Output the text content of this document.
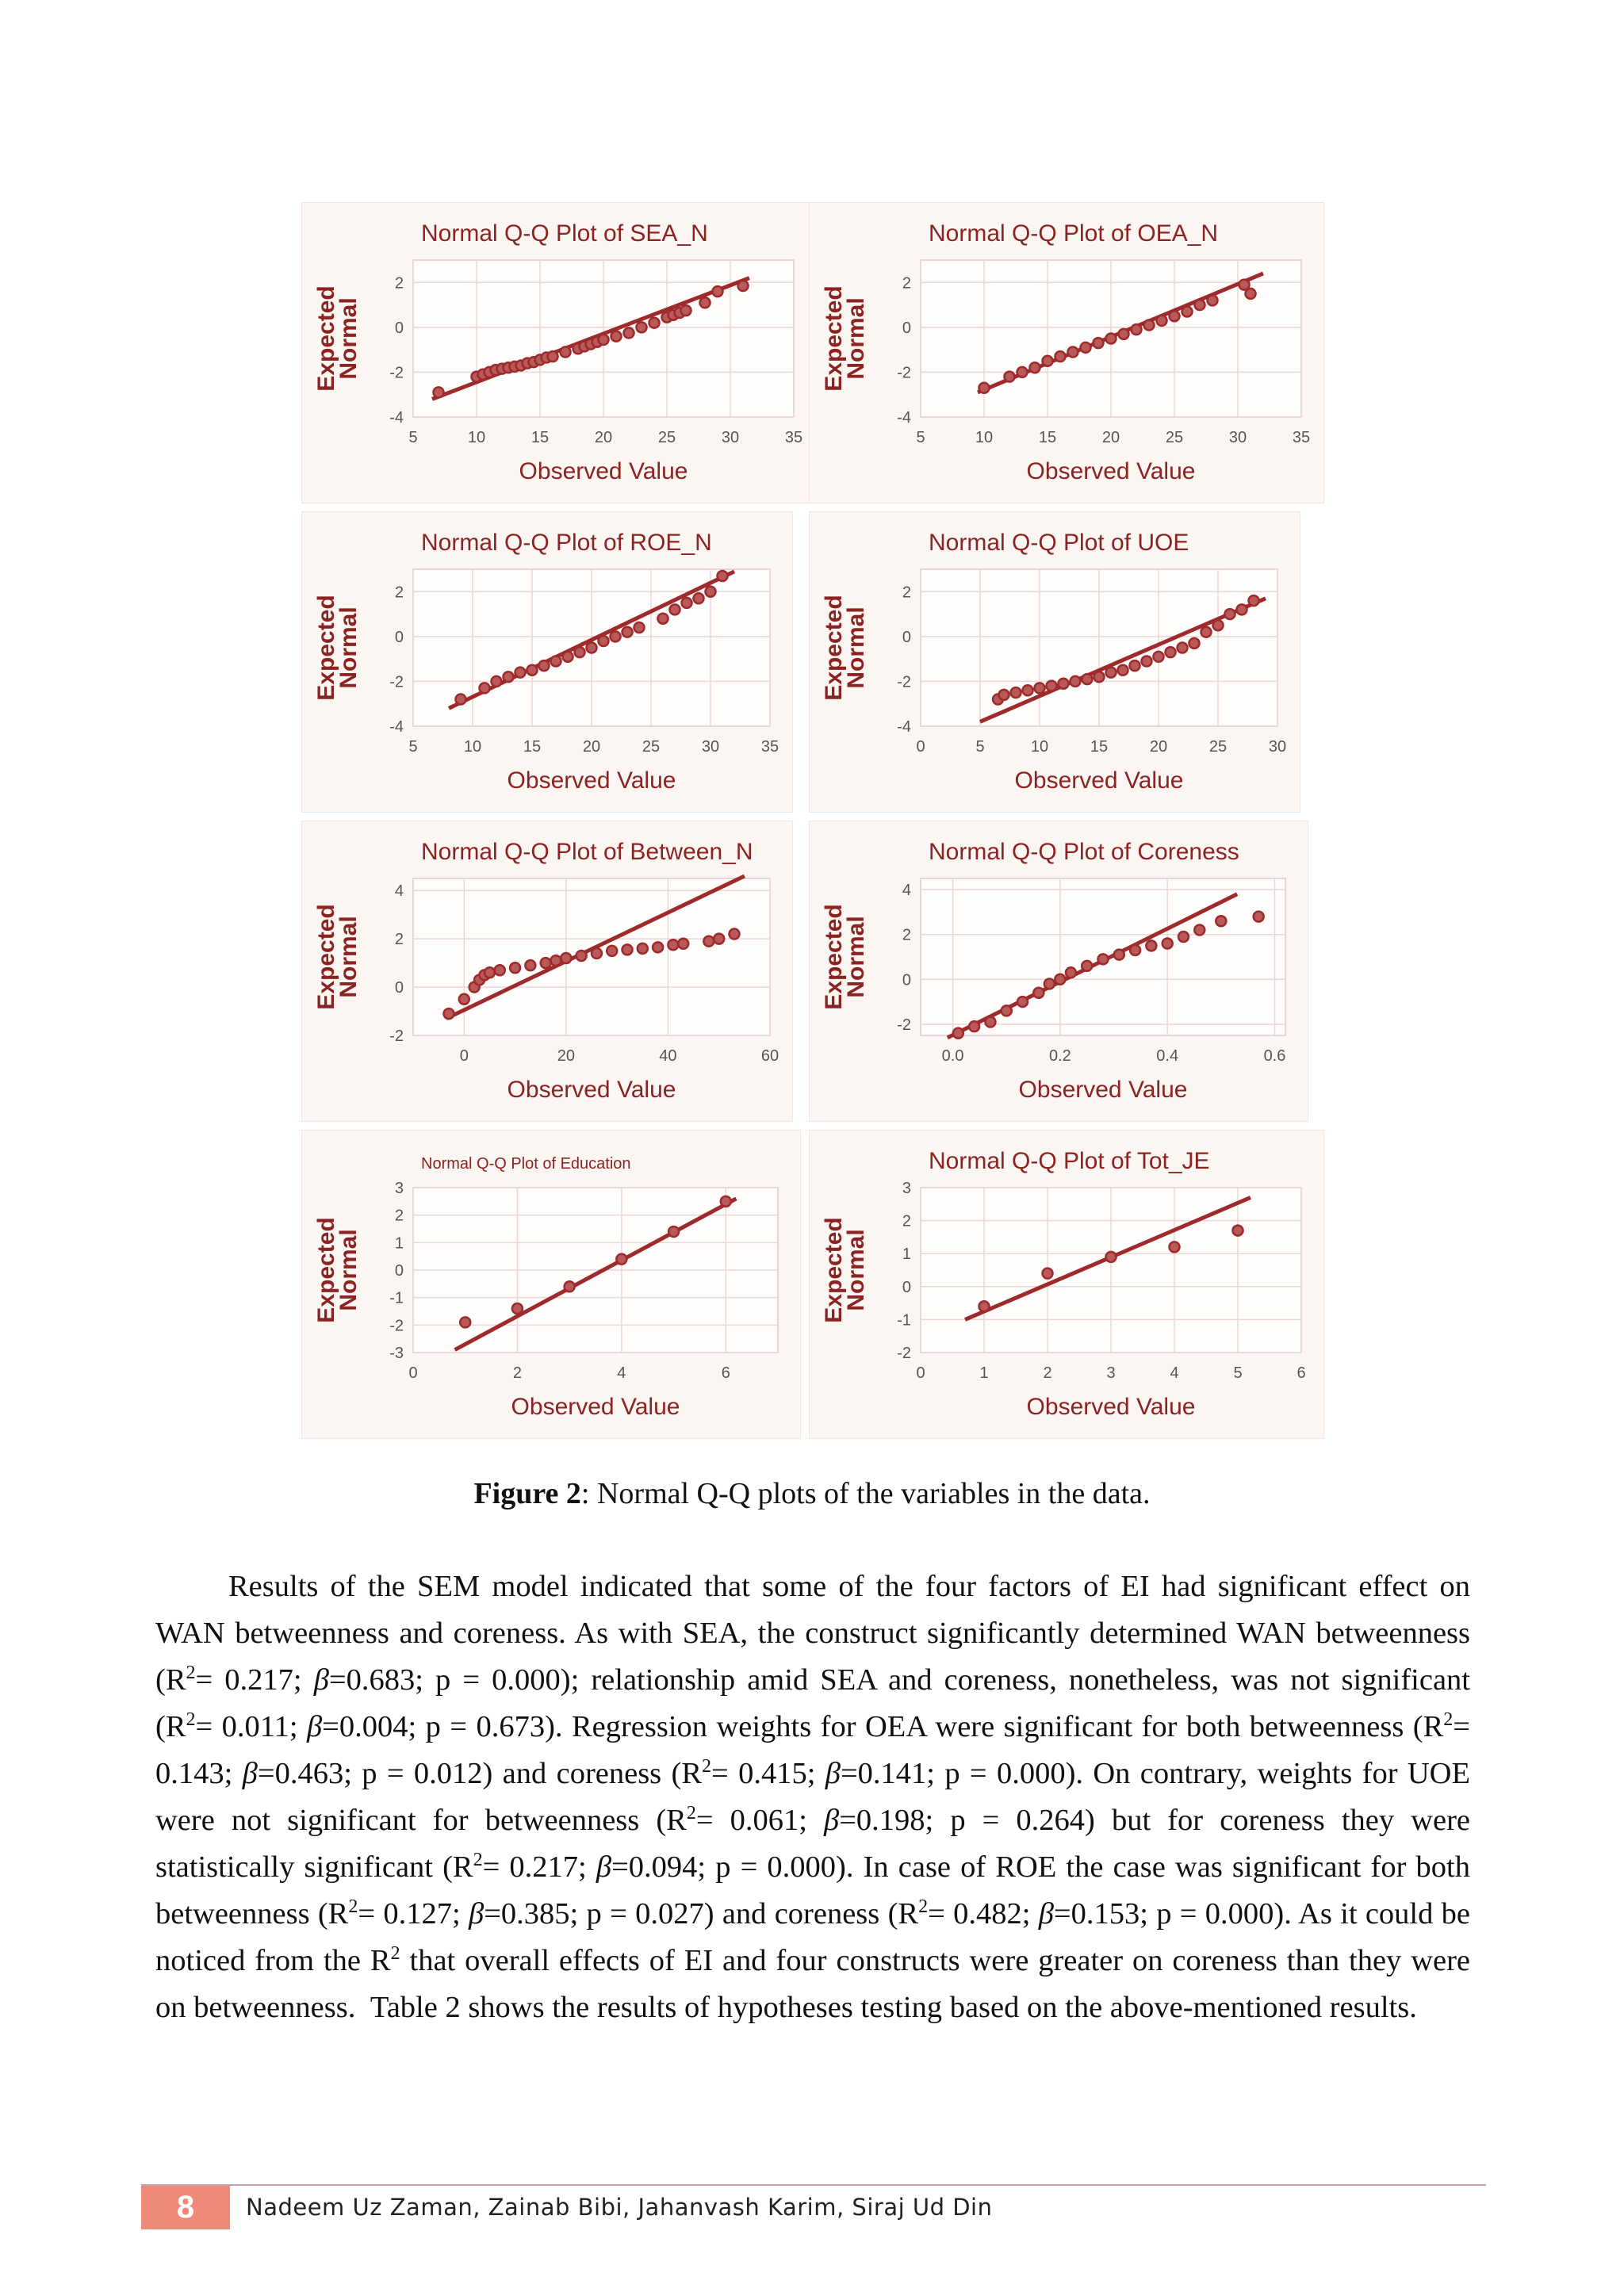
Normal Q-Q Plot of SEA_N
5	10	15	20	25	30	35
2
0
-2
-4
Observed Value
Expected
Normal
Normal Q-Q Plot of OEA_N
5	10	15	20	25	30	35
2
0
-2
-4
Observed Value
Expected
Normal
Normal Q-Q Plot of ROE_N
5	10	15	20	25	30	35
2
0
-2
-4
Observed Value
Expected
Normal
Normal Q-Q Plot of UOE
0	5	10	15	20	25	30
2
0
-2
-4
Observed Value
Expected
Normal
Normal Q-Q Plot of Between_N
0	20	40	60
4
2
0
-2
Observed Value
Expected
Normal
Normal Q-Q Plot of Coreness
0.0	0.2	0.4	0.6
4
2
0
-2
Observed Value
Expected
Normal
Normal Q-Q Plot of Education
0	2	4	6
3
2
1
0
-1
-2
-3
Observed Value
Expected
Normal
Normal Q-Q Plot of Tot_JE
0	1	2	3	4	5	6
3
2
1
0
-1
-2
Observed Value
Expected
Normal
Figure 2: Normal Q-Q plots of the variables in the data.

Results of the SEM model indicated that some of the four factors of EI had significant effect on WAN betweenness and coreness. As with SEA, the construct significantly determined WAN betweenness ($R^2= 0.217$; β=0.683; p = 0.000); relationship amid SEA and coreness, nonetheless, was not significant ($R^2= 0.011$; β=0.004; p = 0.673). Regression weights for OEA were significant for both betweenness ($R^2= 0.143$; β=0.463; p = 0.012) and coreness ($R^2= 0.415$; β=0.141; p = 0.000). On contrary, weights for UOE were not significant for betweenness ($R^2= 0.061$; β=0.198; p = 0.264) but for coreness they were statistically significant ($R^2= 0.217$; β=0.094; p = 0.000). In case of ROE the case was significant for both betweenness ($R^2= 0.127$; β=0.385; p = 0.027) and coreness ($R^2= 0.482$; β=0.153; p = 0.000). As it could be noticed from the $R^2$ that overall effects of EI and four constructs were greater on coreness than they were on betweenness.  Table 2 shows the results of hypotheses testing based on the above-mentioned results.

8	Nadeem Uz Zaman, Zainab Bibi, Jahanvash Karim, Siraj Ud Din
